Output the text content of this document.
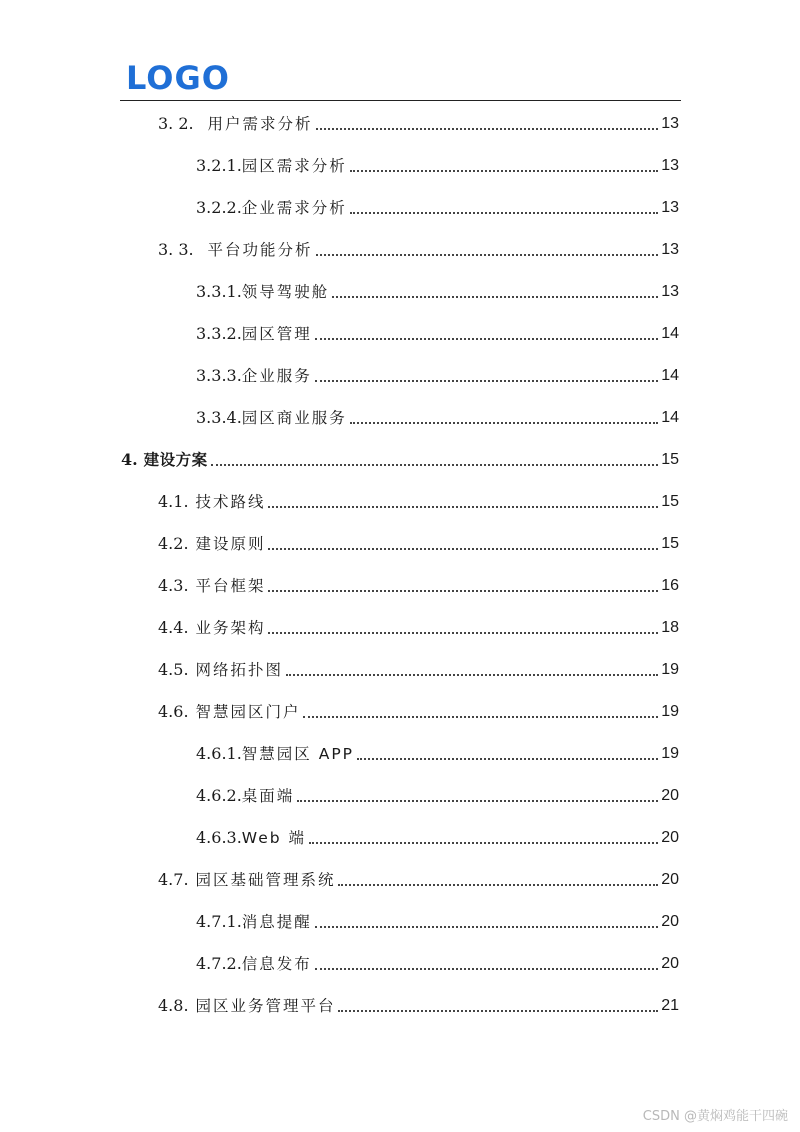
LOGO
3. 2. 用户需求分析	13
3.2.1.园区需求分析	13
3.2.2.企业需求分析	13
3. 3. 平台功能分析	13
3.3.1.领导驾驶舱	13
3.3.2.园区管理	14
3.3.3.企业服务	14
3.3.4.园区商业服务	14
4. 建设方案	15
4.1. 技术路线	15
4.2. 建设原则	15
4.3. 平台框架	16
4.4. 业务架构	18
4.5. 网络拓扑图	19
4.6. 智慧园区门户	19
4.6.1.智慧园区 APP	19
4.6.2.桌面端	20
4.6.3.Web 端	20
4.7. 园区基础管理系统	20
4.7.1.消息提醒	20
4.7.2.信息发布	20
4.8. 园区业务管理平台	21
CSDN @黄焖鸡能干四碗
